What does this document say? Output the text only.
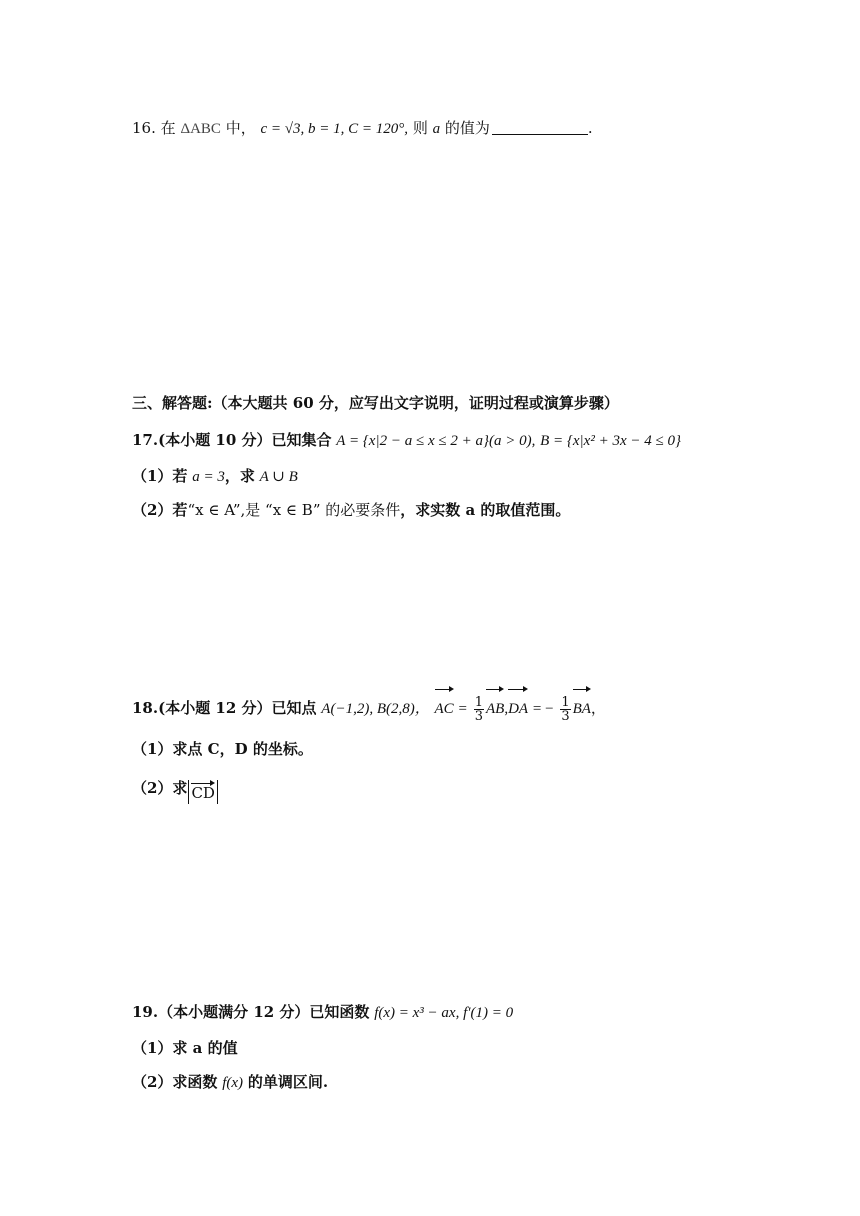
16. 在 ΔABC 中， c = √3, b = 1, C = 120°, 则 a 的值为	.
三、解答题:（本大题共 60 分，应写出文字说明，证明过程或演算步骤）
17.(本小题 10 分）已知集合 A = {x|2 − a ≤ x ≤ 2 + a}(a > 0), B = {x|x² + 3x − 4 ≤ 0}
（1）若 a = 3，求 A ∪ B
（2）若“x ∈ A”,是 “x ∈ B” 的必要条件，求实数 a 的取值范围。
18.(本小题 12 分）已知点 A(−1,2), B(2,8)， AC = $\frac{1}{3} AB,DA$ = − $\frac{1}{3}$ BA，
（1）求点 C，D 的坐标。
（2）求 CD
19.（本小题满分 12 分）已知函数 f(x) = x³ − ax, f′(1) = 0
（1）求 a 的值
（2）求函数 f(x) 的单调区间.
